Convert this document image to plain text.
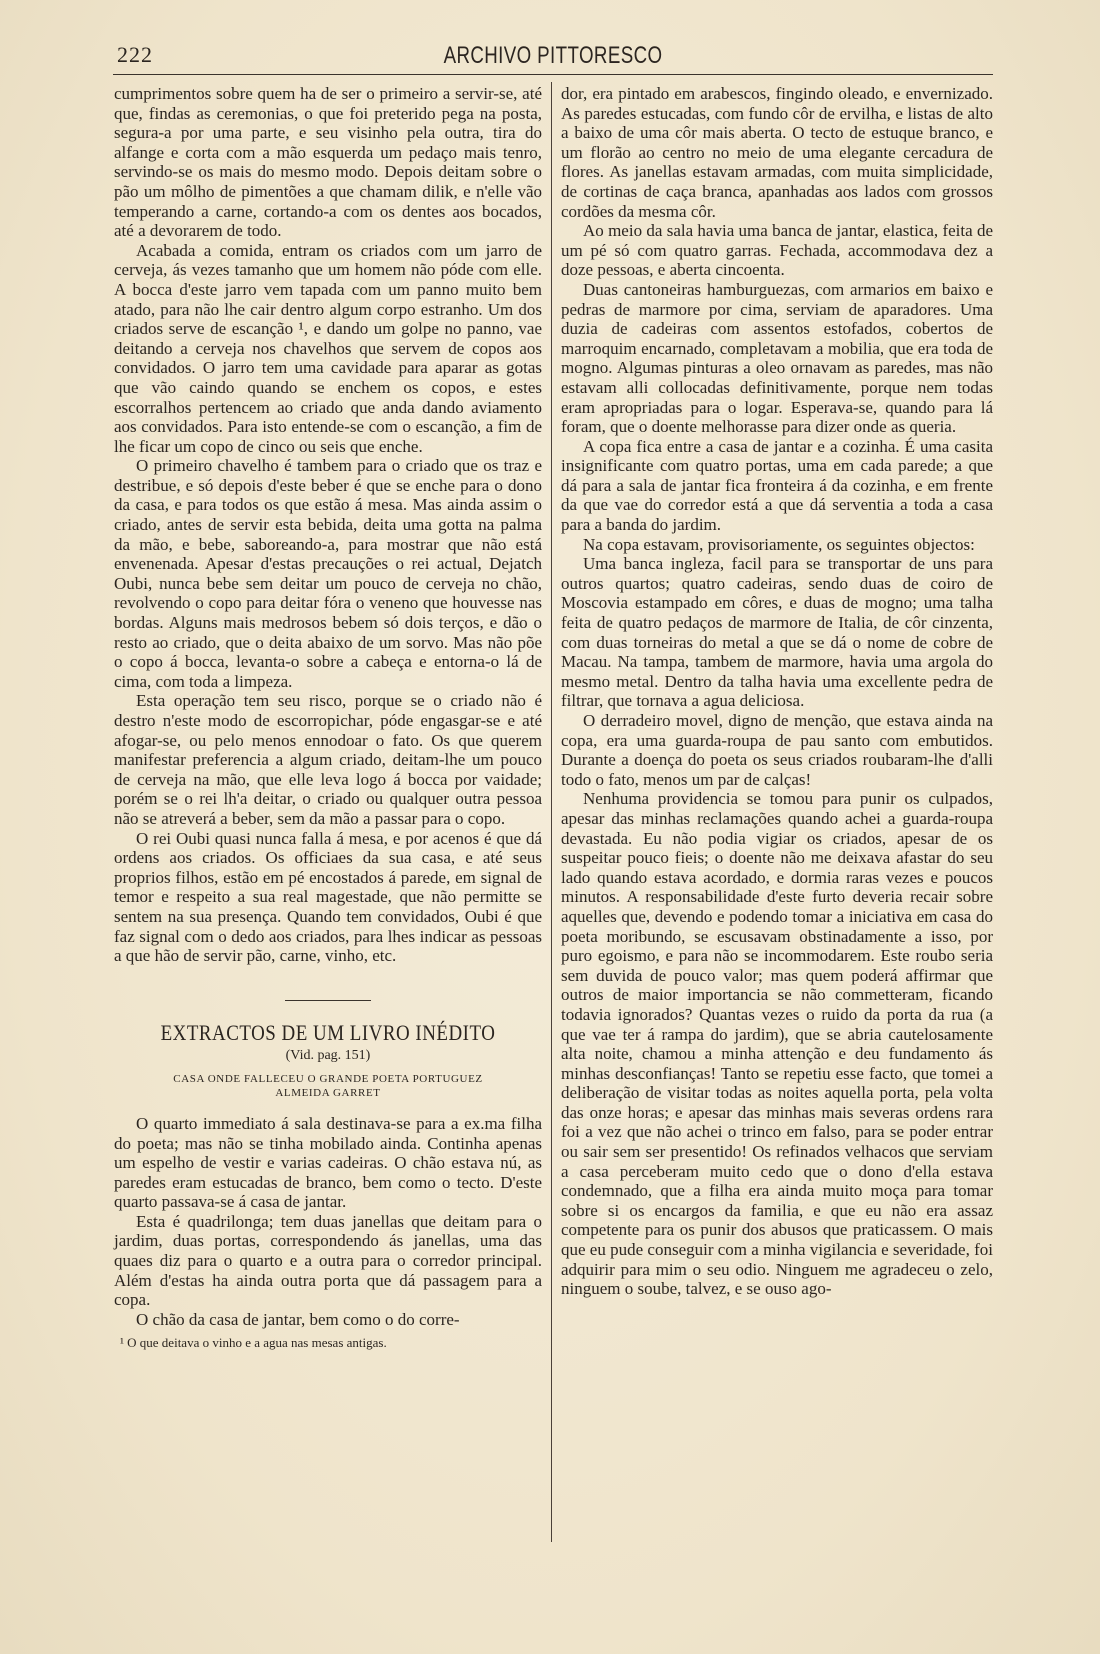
222	ARCHIVO PITTORESCO

cumprimentos sobre quem ha de ser o primeiro a servir-se, até que, findas as ceremonias, o que foi preterido pega na posta, segura-a por uma parte, e seu visinho pela outra, tira do alfange e corta com a mão esquerda um pedaço mais tenro, servindo-se os mais do mesmo modo. Depois deitam sobre o pão um môlho de pimentões a que chamam dilik, e n'elle vão temperando a carne, cortando-a com os dentes aos bocados, até a devorarem de todo.

Acabada a comida, entram os criados com um jarro de cerveja, ás vezes tamanho que um homem não póde com elle. A bocca d'este jarro vem tapada com um panno muito bem atado, para não lhe cair dentro algum corpo estranho. Um dos criados serve de escanção ¹, e dando um golpe no panno, vae deitando a cerveja nos chavelhos que servem de copos aos convidados. O jarro tem uma cavidade para aparar as gotas que vão caindo quando se enchem os copos, e estes escorralhos pertencem ao criado que anda dando aviamento aos convidados. Para isto entende-se com o escanção, a fim de lhe ficar um copo de cinco ou seis que enche.

O primeiro chavelho é tambem para o criado que os traz e destribue, e só depois d'este beber é que se enche para o dono da casa, e para todos os que estão á mesa. Mas ainda assim o criado, antes de servir esta bebida, deita uma gotta na palma da mão, e bebe, saboreando-a, para mostrar que não está envenenada. Apesar d'estas precauções o rei actual, Dejatch Oubi, nunca bebe sem deitar um pouco de cerveja no chão, revolvendo o copo para deitar fóra o veneno que houvesse nas bordas. Alguns mais medrosos bebem só dois terços, e dão o resto ao criado, que o deita abaixo de um sorvo. Mas não põe o copo á bocca, levanta-o sobre a cabeça e entorna-o lá de cima, com toda a limpeza.

Esta operação tem seu risco, porque se o criado não é destro n'este modo de escorropichar, póde engasgar-se e até afogar-se, ou pelo menos ennodoar o fato. Os que querem manifestar preferencia a algum criado, deitam-lhe um pouco de cerveja na mão, que elle leva logo á bocca por vaidade; porém se o rei lh'a deitar, o criado ou qualquer outra pessoa não se atreverá a beber, sem da mão a passar para o copo.

O rei Oubi quasi nunca falla á mesa, e por acenos é que dá ordens aos criados. Os officiaes da sua casa, e até seus proprios filhos, estão em pé encostados á parede, em signal de temor e respeito a sua real magestade, que não permitte se sentem na sua presença. Quando tem convidados, Oubi é que faz signal com o dedo aos criados, para lhes indicar as pessoas a que hão de servir pão, carne, vinho, etc.

EXTRACTOS DE UM LIVRO INÉDITO
(Vid. pag. 151)
CASA ONDE FALLECEU O GRANDE POETA PORTUGUEZ
ALMEIDA GARRET

O quarto immediato á sala destinava-se para a ex.ma filha do poeta; mas não se tinha mobilado ainda. Continha apenas um espelho de vestir e varias cadeiras. O chão estava nú, as paredes eram estucadas de branco, bem como o tecto. D'este quarto passava-se á casa de jantar.

Esta é quadrilonga; tem duas janellas que deitam para o jardim, duas portas, correspondendo ás janellas, uma das quaes diz para o quarto e a outra para o corredor principal. Além d'estas ha ainda outra porta que dá passagem para a copa.

O chão da casa de jantar, bem como o do corre-

¹ O que deitava o vinho e a agua nas mesas antigas.

dor, era pintado em arabescos, fingindo oleado, e envernizado. As paredes estucadas, com fundo côr de ervilha, e listas de alto a baixo de uma côr mais aberta. O tecto de estuque branco, e um florão ao centro no meio de uma elegante cercadura de flores. As janellas estavam armadas, com muita simplicidade, de cortinas de caça branca, apanhadas aos lados com grossos cordões da mesma côr.

Ao meio da sala havia uma banca de jantar, elastica, feita de um pé só com quatro garras. Fechada, accommodava dez a doze pessoas, e aberta cincoenta.

Duas cantoneiras hamburguezas, com armarios em baixo e pedras de marmore por cima, serviam de aparadores. Uma duzia de cadeiras com assentos estofados, cobertos de marroquim encarnado, completavam a mobilia, que era toda de mogno. Algumas pinturas a oleo ornavam as paredes, mas não estavam alli collocadas definitivamente, porque nem todas eram apropriadas para o logar. Esperava-se, quando para lá foram, que o doente melhorasse para dizer onde as queria.

A copa fica entre a casa de jantar e a cozinha. É uma casita insignificante com quatro portas, uma em cada parede; a que dá para a sala de jantar fica fronteira á da cozinha, e em frente da que vae do corredor está a que dá serventia a toda a casa para a banda do jardim.

Na copa estavam, provisoriamente, os seguintes objectos:

Uma banca ingleza, facil para se transportar de uns para outros quartos; quatro cadeiras, sendo duas de coiro de Moscovia estampado em côres, e duas de mogno; uma talha feita de quatro pedaços de marmore de Italia, de côr cinzenta, com duas torneiras do metal a que se dá o nome de cobre de Macau. Na tampa, tambem de marmore, havia uma argola do mesmo metal. Dentro da talha havia uma excellente pedra de filtrar, que tornava a agua deliciosa.

O derradeiro movel, digno de menção, que estava ainda na copa, era uma guarda-roupa de pau santo com embutidos. Durante a doença do poeta os seus criados roubaram-lhe d'alli todo o fato, menos um par de calças!

Nenhuma providencia se tomou para punir os culpados, apesar das minhas reclamações quando achei a guarda-roupa devastada. Eu não podia vigiar os criados, apesar de os suspeitar pouco fieis; o doente não me deixava afastar do seu lado quando estava acordado, e dormia raras vezes e poucos minutos. A responsabilidade d'este furto deveria recair sobre aquelles que, devendo e podendo tomar a iniciativa em casa do poeta moribundo, se escusavam obstinadamente a isso, por puro egoismo, e para não se incommodarem. Este roubo seria sem duvida de pouco valor; mas quem poderá affirmar que outros de maior importancia se não commetteram, ficando todavia ignorados? Quantas vezes o ruido da porta da rua (a que vae ter á rampa do jardim), que se abria cautelosamente alta noite, chamou a minha attenção e deu fundamento ás minhas desconfianças! Tanto se repetiu esse facto, que tomei a deliberação de visitar todas as noites aquella porta, pela volta das onze horas; e apesar das minhas mais severas ordens rara foi a vez que não achei o trinco em falso, para se poder entrar ou sair sem ser presentido! Os refinados velhacos que serviam a casa perceberam muito cedo que o dono d'ella estava condemnado, que a filha era ainda muito moça para tomar sobre si os encargos da familia, e que eu não era assaz competente para os punir dos abusos que praticassem. O mais que eu pude conseguir com a minha vigilancia e severidade, foi adquirir para mim o seu odio. Ninguem me agradeceu o zelo, ninguem o soube, talvez, e se ouso ago-
